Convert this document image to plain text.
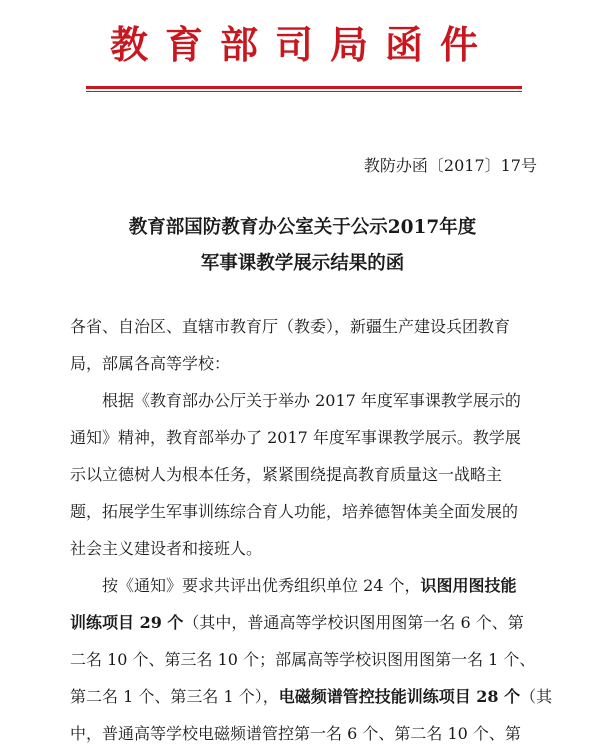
教育部司局函件
教防办函〔2017〕17号
教育部国防教育办公室关于公示2017年度
军事课教学展示结果的函
各省、自治区、直辖市教育厅（教委），新疆生产建设兵团教育
局，部属各高等学校：
根据《教育部办公厅关于举办 2017 年度军事课教学展示的
通知》精神，教育部举办了 2017 年度军事课教学展示。教学展
示以立德树人为根本任务，紧紧围绕提高教育质量这一战略主
题，拓展学生军事训练综合育人功能，培养德智体美全面发展的
社会主义建设者和接班人。
按《通知》要求共评出优秀组织单位 24 个，识图用图技能
训练项目 29 个（其中，普通高等学校识图用图第一名 6 个、第
二名 10 个、第三名 10 个；部属高等学校识图用图第一名 1 个、
第二名 1 个、第三名 1 个），电磁频谱管控技能训练项目 28 个（其
中，普通高等学校电磁频谱管控第一名 6 个、第二名 10 个、第
